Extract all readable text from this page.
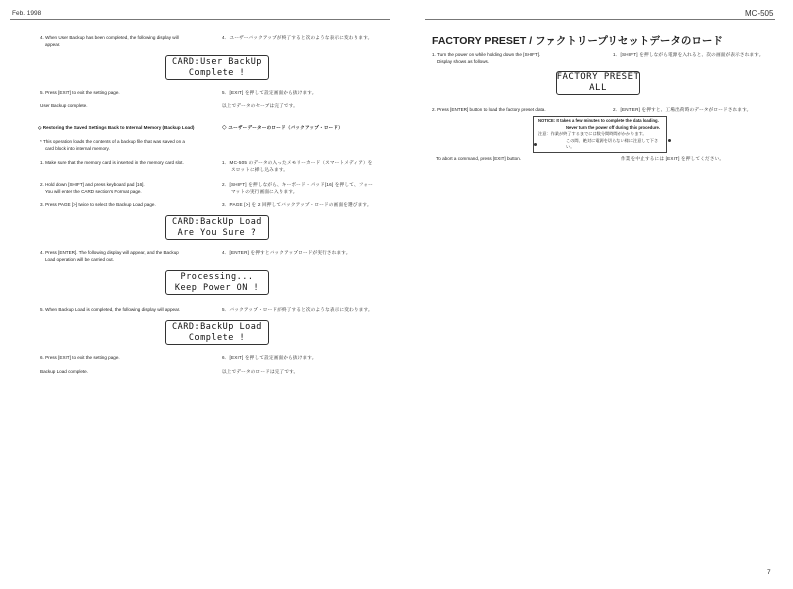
Feb. 1998	MC-505
4. When User Backup has been completed, the following display will
appear.
4．ユーザーバックアップが終了すると次のような表示に変わります。
CARD:User BackUp
Complete !
5. Press [EXIT] to exit the setting page.	5．[EXIT] を押して設定画面から抜けます。
User Backup complete.	以上でデータのセーブは完了です。
◇ Restoring the Saved Settings Back to Internal Memory (Backup Load)	◇ ユーザーデーターのロード（バックアップ・ロード）
* This operation loads the contents of a backup file that was saved on a
card block into internal memory.
1. Make sure that the memory card is inserted in the memory card slot.	1．MC-505 のデータの入ったメモリーカード（スマートメディア）を
スロットに挿し込みます。
2. Hold down [SHIFT] and press keyboard pad [16].
You will enter the CARD section's Format page.
2．[SHIFT] を押しながら、キーボード・パッド[16] を押して、フォー
マットの実行画面に入ります。
3. Press PAGE [>] twice to select the Backup Load page.	3．PAGE [>] を 2 回押してバックアップ・ロードの画面を選びます。
CARD:BackUp Load
Are You Sure ?
4. Press [ENTER]. The following display will appear, and the Backup
Load operation will be carried out.
4．[ENTER] を押すとバックアップロードが実行されます。
Processing...
Keep Power ON !
5. When Backup Load is completed, the following display will appear.	5．バックアップ・ロードが終了すると次のような表示に変わります。
CARD:BackUp Load
Complete !
6. Press [EXIT] to exit the setting page.	6．[EXIT] を押して設定画面から抜けます。
Backup Load complete.	以上でデータのロードは完了です。
FACTORY PRESET / ファクトリープリセットデータのロード
1. Turn the power on while holding down the [SHIFT].
Display shows as follows.
1．[SHIFT] を押しながら電源を入れると、次の画面が表示されます。
FACTORY PRESET
ALL
2. Press [ENTER] button to load the factory preset data.	2．[ENTER] を押すと、工場出荷時のデータがロードされます。
NOTICE: It takes a few minutes to complete the data loading.
Never turn the power off during this procedure.
注意：作業が終了するまでには数分間時間がかかります。
この間、絶対に電源を切らない様に注意して下さい。
To abort a command, press [EXIT] button.	作業を中止するには [EXIT] を押してください。
7
